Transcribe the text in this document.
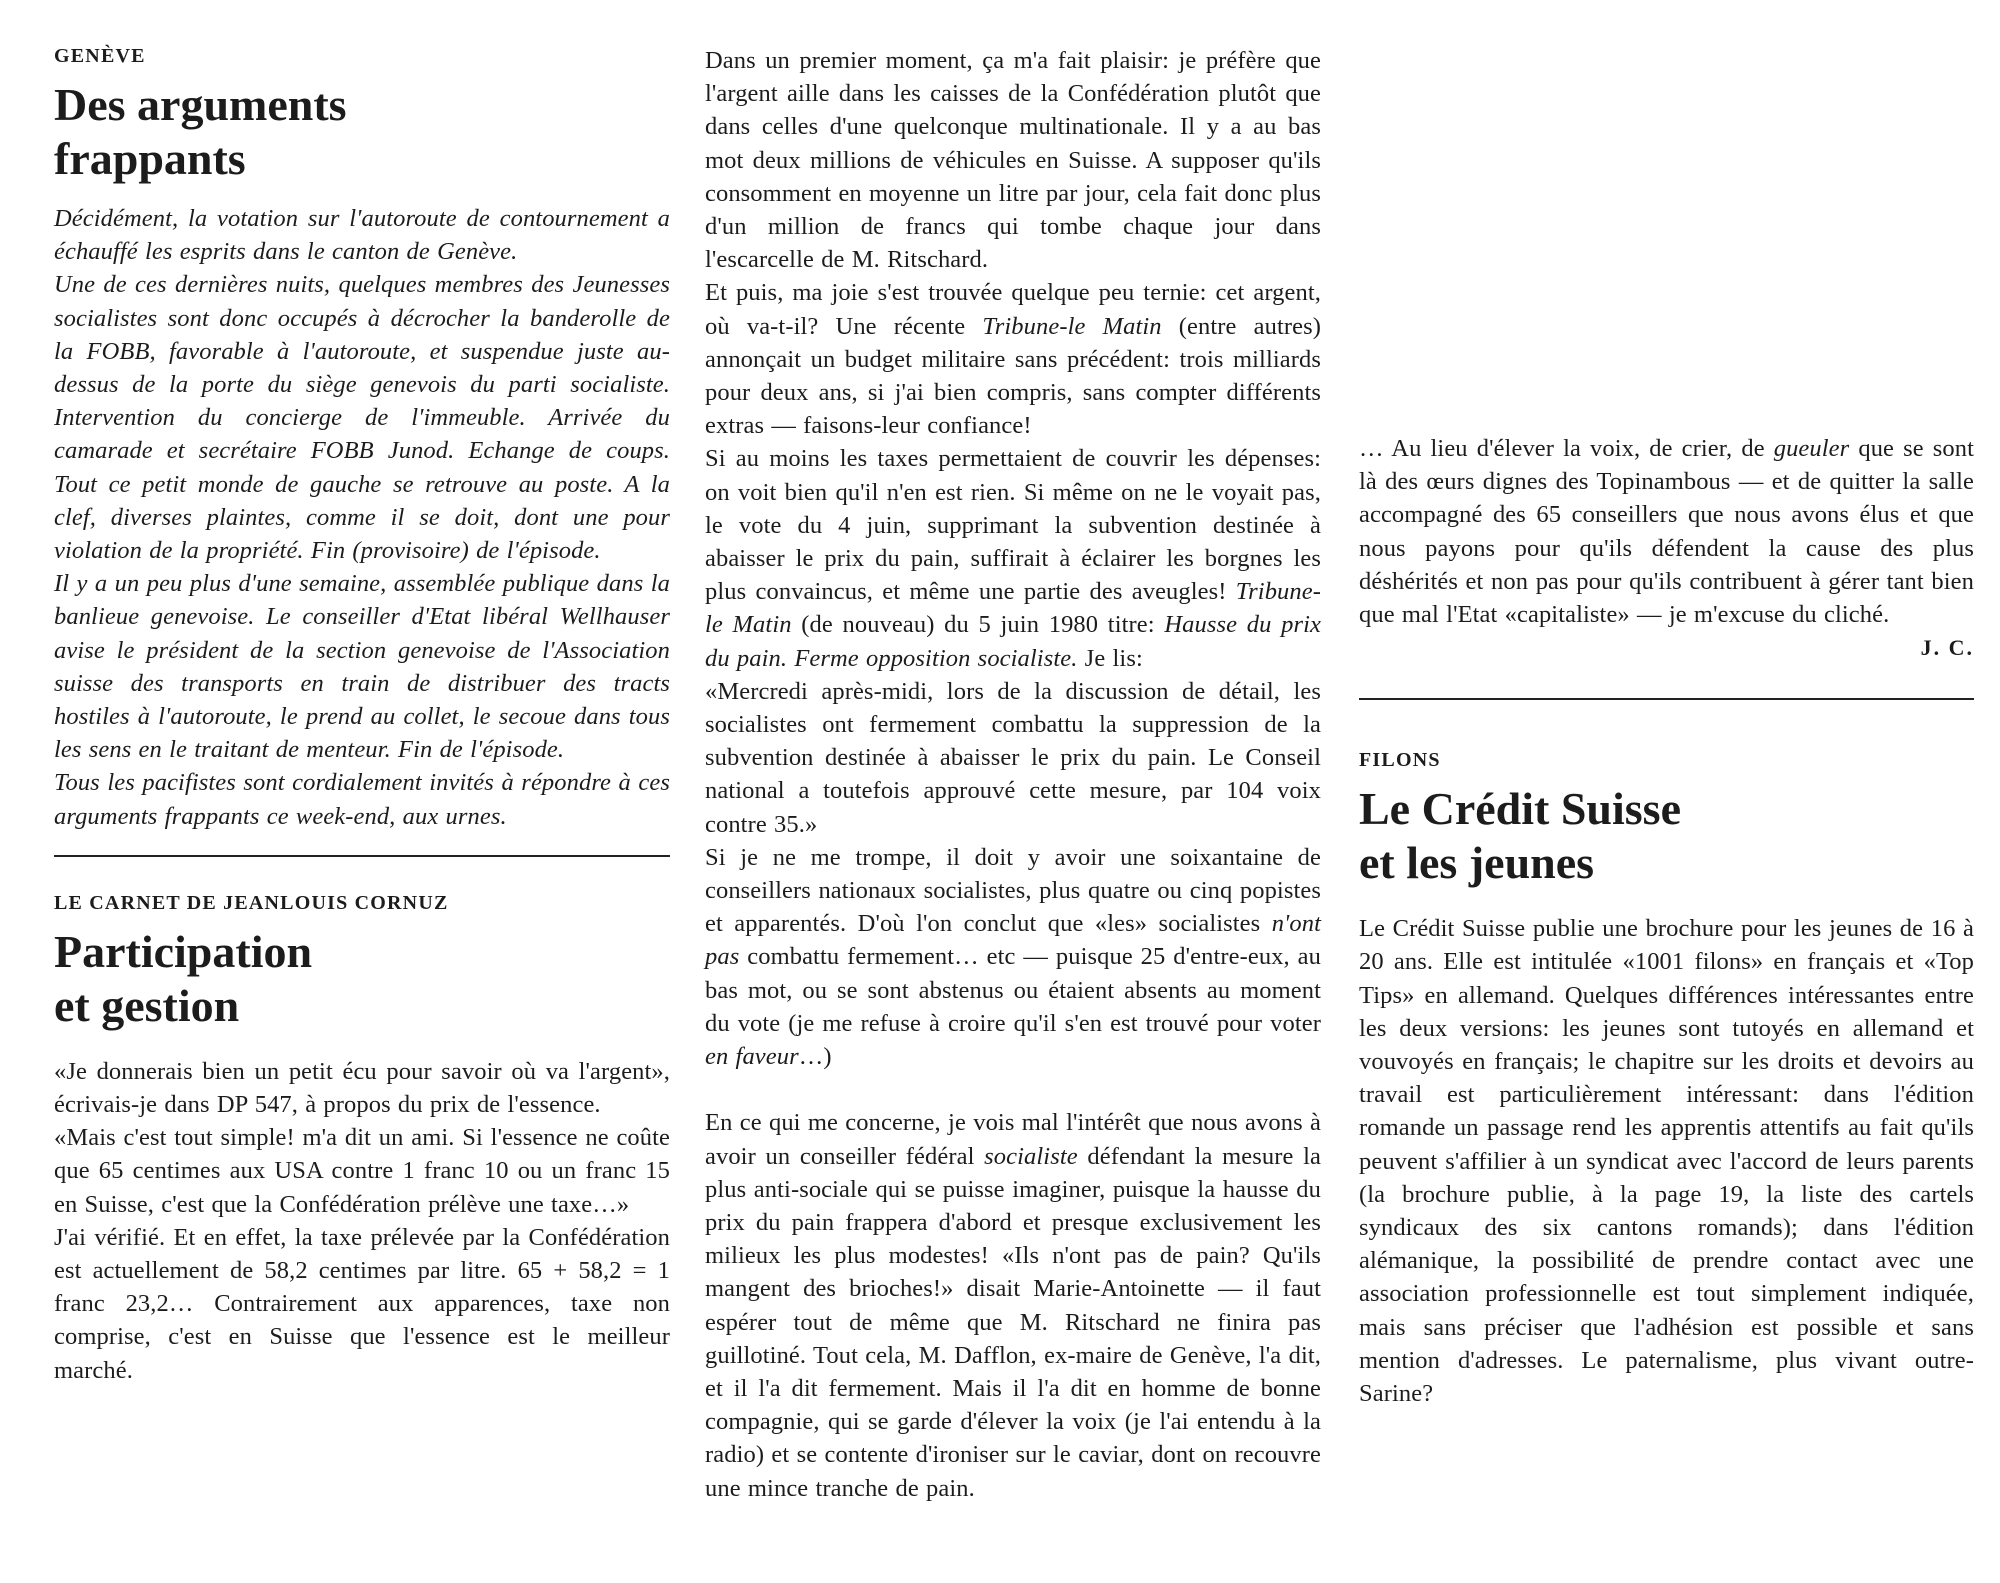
GENÈVE
Des arguments
frappants

Décidément, la votation sur l'autoroute de contournement a échauffé les esprits dans le canton de Genève.

Une de ces dernières nuits, quelques membres des Jeunesses socialistes sont donc occupés à décrocher la banderolle de la FOBB, favorable à l'autoroute, et suspendue juste au-dessus de la porte du siège genevois du parti socialiste. Intervention du concierge de l'immeuble. Arrivée du camarade et secrétaire FOBB Junod. Echange de coups. Tout ce petit monde de gauche se retrouve au poste. A la clef, diverses plaintes, comme il se doit, dont une pour violation de la propriété. Fin (provisoire) de l'épisode.

Il y a un peu plus d'une semaine, assemblée publique dans la banlieue genevoise. Le conseiller d'Etat libéral Wellhauser avise le président de la section genevoise de l'Association suisse des transports en train de distribuer des tracts hostiles à l'autoroute, le prend au collet, le secoue dans tous les sens en le traitant de menteur. Fin de l'épisode.

Tous les pacifistes sont cordialement invités à répondre à ces arguments frappants ce week-end, aux urnes.

LE CARNET DE JEANLOUIS CORNUZ
Participation
et gestion

«Je donnerais bien un petit écu pour savoir où va l'argent», écrivais-je dans DP 547, à propos du prix de l'essence.

«Mais c'est tout simple! m'a dit un ami. Si l'essence ne coûte que 65 centimes aux USA contre 1 franc 10 ou un franc 15 en Suisse, c'est que la Confédération prélève une taxe…»

J'ai vérifié. Et en effet, la taxe prélevée par la Confédération est actuellement de 58,2 centimes par litre. 65 + 58,2 = 1 franc 23,2… Contrairement aux apparences, taxe non comprise, c'est en Suisse que l'essence est le meilleur marché.

Dans un premier moment, ça m'a fait plaisir: je préfère que l'argent aille dans les caisses de la Confédération plutôt que dans celles d'une quelconque multinationale. Il y a au bas mot deux millions de véhicules en Suisse. A supposer qu'ils consomment en moyenne un litre par jour, cela fait donc plus d'un million de francs qui tombe chaque jour dans l'escarcelle de M. Ritschard.

Et puis, ma joie s'est trouvée quelque peu ternie: cet argent, où va-t-il? Une récente Tribune-le Matin (entre autres) annonçait un budget militaire sans précédent: trois milliards pour deux ans, si j'ai bien compris, sans compter différents extras — faisons-leur confiance!

Si au moins les taxes permettaient de couvrir les dépenses: on voit bien qu'il n'en est rien. Si même on ne le voyait pas, le vote du 4 juin, supprimant la subvention destinée à abaisser le prix du pain, suffirait à éclairer les borgnes les plus convaincus, et même une partie des aveugles! Tribune-le Matin (de nouveau) du 5 juin 1980 titre: Hausse du prix du pain. Ferme opposition socialiste. Je lis:

«Mercredi après-midi, lors de la discussion de détail, les socialistes ont fermement combattu la suppression de la subvention destinée à abaisser le prix du pain. Le Conseil national a toutefois approuvé cette mesure, par 104 voix contre 35.»

Si je ne me trompe, il doit y avoir une soixantaine de conseillers nationaux socialistes, plus quatre ou cinq popistes et apparentés. D'où l'on conclut que «les» socialistes n'ont pas combattu fermement… etc — puisque 25 d'entre-eux, au bas mot, ou se sont abstenus ou étaient absents au moment du vote (je me refuse à croire qu'il s'en est trouvé pour voter en faveur…)

En ce qui me concerne, je vois mal l'intérêt que nous avons à avoir un conseiller fédéral socialiste défendant la mesure la plus anti-sociale qui se puisse imaginer, puisque la hausse du prix du pain frappera d'abord et presque exclusivement les milieux les plus modestes! «Ils n'ont pas de pain? Qu'ils mangent des brioches!» disait Marie-Antoinette — il faut espérer tout de même que M. Ritschard ne finira pas guillotiné. Tout cela, M. Dafflon, ex-maire de Genève, l'a dit, et il l'a dit fermement. Mais il l'a dit en homme de bonne compagnie, qui se garde d'élever la voix (je l'ai entendu à la radio) et se contente d'ironiser sur le caviar, dont on recouvre une mince tranche de pain.

… Au lieu d'élever la voix, de crier, de gueuler que se sont là des œurs dignes des Topinambous — et de quitter la salle accompagné des 65 conseillers que nous avons élus et que nous payons pour qu'ils défendent la cause des plus déshérités et non pas pour qu'ils contribuent à gérer tant bien que mal l'Etat «capitaliste» — je m'excuse du cliché.

J. C.
FILONS
Le Crédit Suisse
et les jeunes

Le Crédit Suisse publie une brochure pour les jeunes de 16 à 20 ans. Elle est intitulée «1001 filons» en français et «Top Tips» en allemand. Quelques différences intéressantes entre les deux versions: les jeunes sont tutoyés en allemand et vouvoyés en français; le chapitre sur les droits et devoirs au travail est particulièrement intéressant: dans l'édition romande un passage rend les apprentis attentifs au fait qu'ils peuvent s'affilier à un syndicat avec l'accord de leurs parents (la brochure publie, à la page 19, la liste des cartels syndicaux des six cantons romands); dans l'édition alémanique, la possibilité de prendre contact avec une association professionnelle est tout simplement indiquée, mais sans préciser que l'adhésion est possible et sans mention d'adresses. Le paternalisme, plus vivant outre-Sarine?
